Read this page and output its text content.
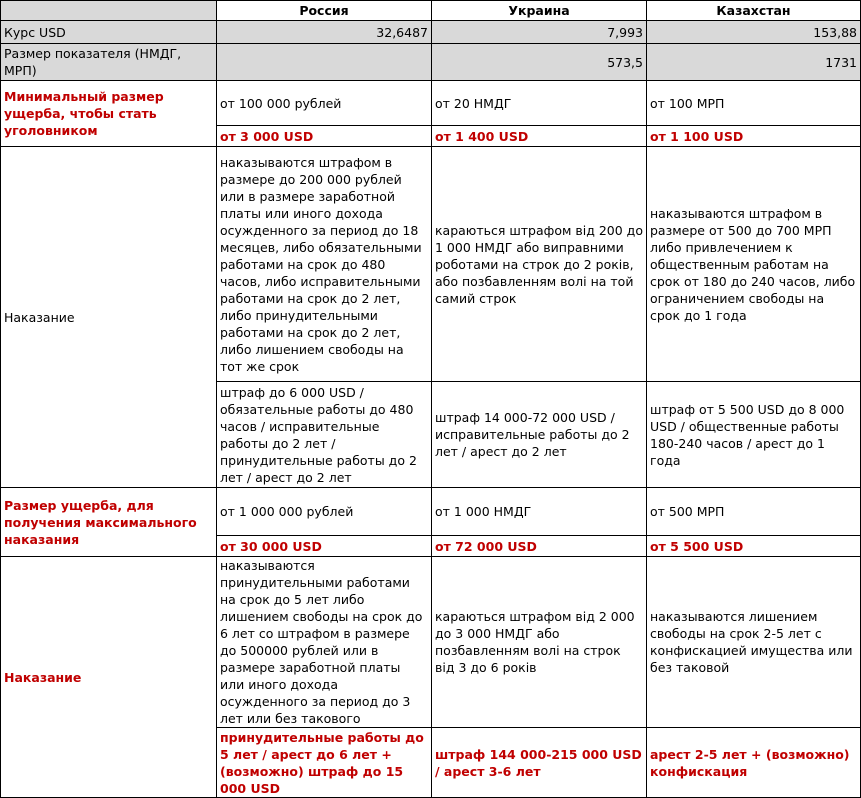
	Россия	Украина	Казахстан
Курс USD	32,6487	7,993	153,88
Размер показателя (НМДГ, МРП)		573,5	1731
Минимальный размер ущерба, чтобы стать уголовником	от 100 000 рублей	от 20 НМДГ	от 100 МРП
	от 3 000 USD	от 1 400 USD	от 1 100 USD
Наказание	наказываются штрафом в размере до 200 000 рублей или в размере заработной платы или иного дохода осужденного за период до 18 месяцев, либо обязательными работами на срок до 480 часов, либо исправительными работами на срок до 2 лет, либо принудительными работами на срок до 2 лет, либо лишением свободы на тот же срок	караються штрафом від 200 до 1 000 НМДГ або виправними роботами на строк до 2 років, або позбавленням волі на той самий строк	наказываются штрафом в размере от 500 до 700 МРП либо привлечением к общественным работам на срок от 180 до 240 часов, либо ограничением свободы на срок до 1 года
	штраф до 6 000 USD / обязательные работы до 480 часов / исправительные работы до 2 лет / принудительные работы до 2 лет / арест до 2 лет	штраф 14 000-72 000 USD / исправительные работы до 2 лет / арест до 2 лет	штраф от 5 500 USD до 8 000 USD / общественные работы 180-240 часов / арест до 1 года
Размер ущерба, для получения максимального наказания	от 1 000 000 рублей	от 1 000 НМДГ	от 500 МРП
	от 30 000 USD	от 72 000 USD	от 5 500 USD
Наказание	наказываются принудительными работами на срок до 5 лет либо лишением свободы на срок до 6 лет со штрафом в размере до 500000 рублей или в размере заработной платы или иного дохода осужденного за период до 3 лет или без такового	караються штрафом від 2 000 до 3 000 НМДГ або позбавленням волі на строк від 3 до 6 років	наказываются лишением свободы на срок 2-5 лет с конфискацией имущества или без таковой
	принудительные работы до 5 лет / арест до 6 лет + (возможно) штраф до 15 000 USD	штраф 144 000-215 000 USD / арест 3-6 лет	арест 2-5 лет + (возможно) конфискация
